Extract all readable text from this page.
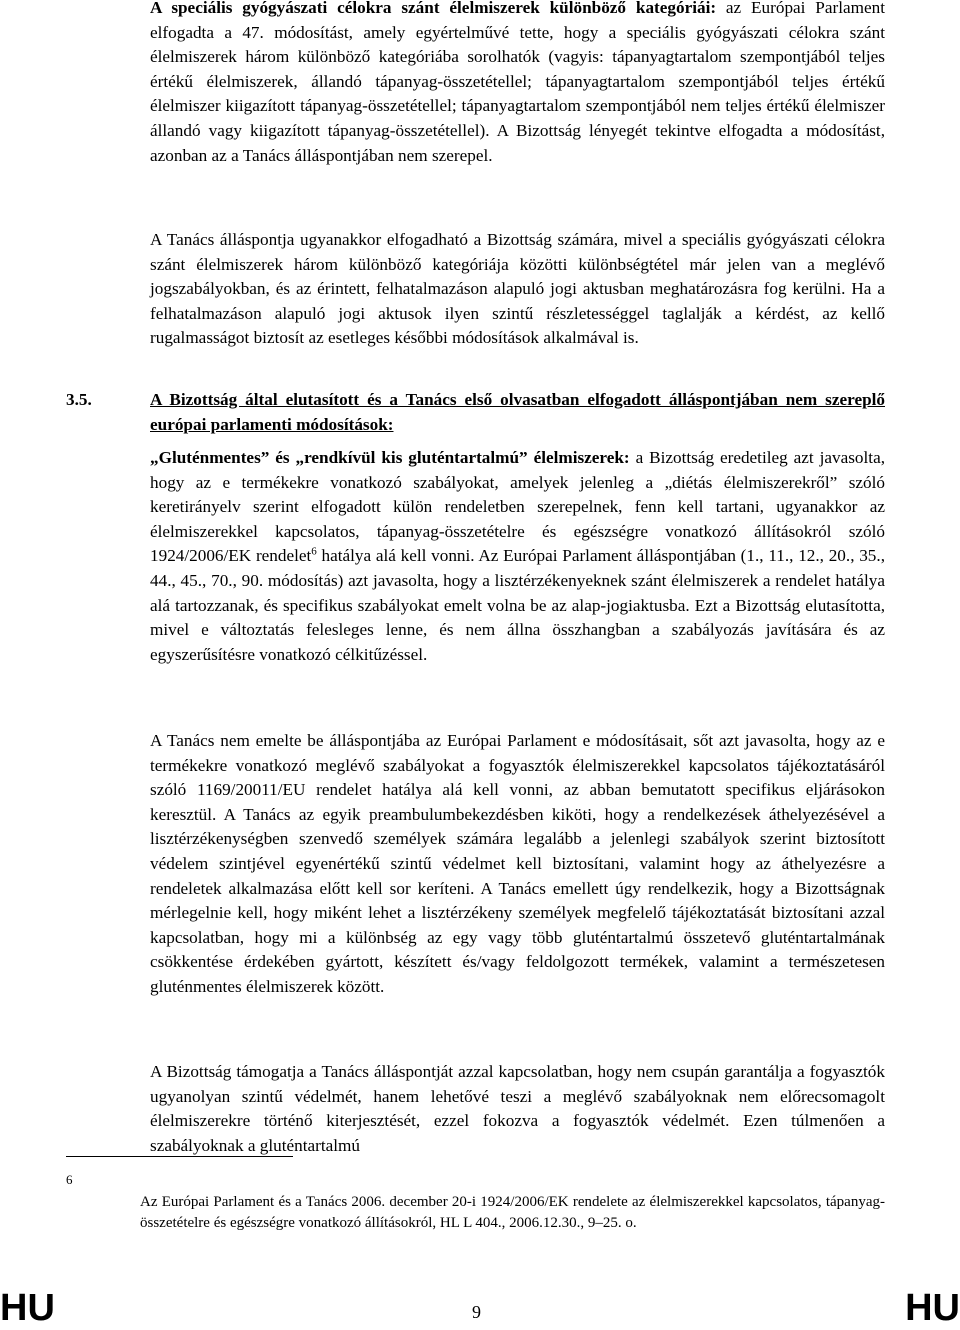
A speciális gyógyászati célokra szánt élelmiszerek különböző kategóriái: az Európai Parlament elfogadta a 47. módosítást, amely egyértelművé tette, hogy a speciális gyógyászati célokra szánt élelmiszerek három különböző kategóriába sorolhatók (vagyis: tápanyagtartalom szempontjából teljes értékű élelmiszerek, állandó tápanyag-összetétellel; tápanyagtartalom szempontjából teljes értékű élelmiszer kiigazított tápanyag-összetétellel; tápanyagtartalom szempontjából nem teljes értékű élelmiszer állandó vagy kiigazított tápanyag-összetétellel). A Bizottság lényegét tekintve elfogadta a módosítást, azonban az a Tanács álláspontjában nem szerepel.

A Tanács álláspontja ugyanakkor elfogadható a Bizottság számára, mivel a speciális gyógyászati célokra szánt élelmiszerek három különböző kategóriája közötti különbségtétel már jelen van a meglévő jogszabályokban, és az érintett, felhatalmazáson alapuló jogi aktusban meghatározásra fog kerülni. Ha a felhatalmazáson alapuló jogi aktusok ilyen szintű részletességgel taglalják a kérdést, az kellő rugalmasságot biztosít az esetleges későbbi módosítások alkalmával is.

3.5.	A Bizottság által elutasított és a Tanács első olvasatban elfogadott álláspontjában nem szereplő európai parlamenti módosítások:

„Gluténmentes” és „rendkívül kis gluténtartalmú” élelmiszerek: a Bizottság eredetileg azt javasolta, hogy az e termékekre vonatkozó szabályokat, amelyek jelenleg a „diétás élelmiszerekről” szóló keretirányelv szerint elfogadott külön rendeletben szerepelnek, fenn kell tartani, ugyanakkor az élelmiszerekkel kapcsolatos, tápanyag-összetételre és egészségre vonatkozó állításokról szóló 1924/2006/EK rendelet$^6$ hatálya alá kell vonni. Az Európai Parlament álláspontjában (1., 11., 12., 20., 35., 44., 45., 70., 90. módosítás) azt javasolta, hogy a lisztérzékenyeknek szánt élelmiszerek a rendelet hatálya alá tartozzanak, és specifikus szabályokat emelt volna be az alap-jogiaktusba. Ezt a Bizottság elutasította, mivel e változtatás felesleges lenne, és nem állna összhangban a szabályozás javítására és az egyszerűsítésre vonatkozó célkitűzéssel.

A Tanács nem emelte be álláspontjába az Európai Parlament e módosításait, sőt azt javasolta, hogy az e termékekre vonatkozó meglévő szabályokat a fogyasztók élelmiszerekkel kapcsolatos tájékoztatásáról szóló 1169/20011/EU rendelet hatálya alá kell vonni, az abban bemutatott specifikus eljárásokon keresztül. A Tanács az egyik preambulumbekezdésben kiköti, hogy a rendelkezések áthelyezésével a lisztérzékenységben szenvedő személyek számára legalább a jelenlegi szabályok szerint biztosított védelem szintjével egyenértékű szintű védelmet kell biztosítani, valamint hogy az áthelyezésre a rendeletek alkalmazása előtt kell sor keríteni. A Tanács emellett úgy rendelkezik, hogy a Bizottságnak mérlegelnie kell, hogy miként lehet a lisztérzékeny személyek megfelelő tájékoztatását biztosítani azzal kapcsolatban, hogy mi a különbség az egy vagy több gluténtartalmú összetevő gluténtartalmának csökkentése érdekében gyártott, készített és/vagy feldolgozott termékek, valamint a természetesen gluténmentes élelmiszerek között.

A Bizottság támogatja a Tanács álláspontját azzal kapcsolatban, hogy nem csupán garantálja a fogyasztók ugyanolyan szintű védelmét, hanem lehetővé teszi a meglévő szabályoknak nem előrecsomagolt élelmiszerekre történő kiterjesztését, ezzel fokozva a fogyasztók védelmét. Ezen túlmenően a szabályoknak a gluténtartalmú

6
Az Európai Parlament és a Tanács 2006. december 20-i 1924/2006/EK rendelete az élelmiszerekkel kapcsolatos, tápanyag-összetételre és egészségre vonatkozó állításokról, HL L 404., 2006.12.30., 9–25. o.
HU	9	HU
